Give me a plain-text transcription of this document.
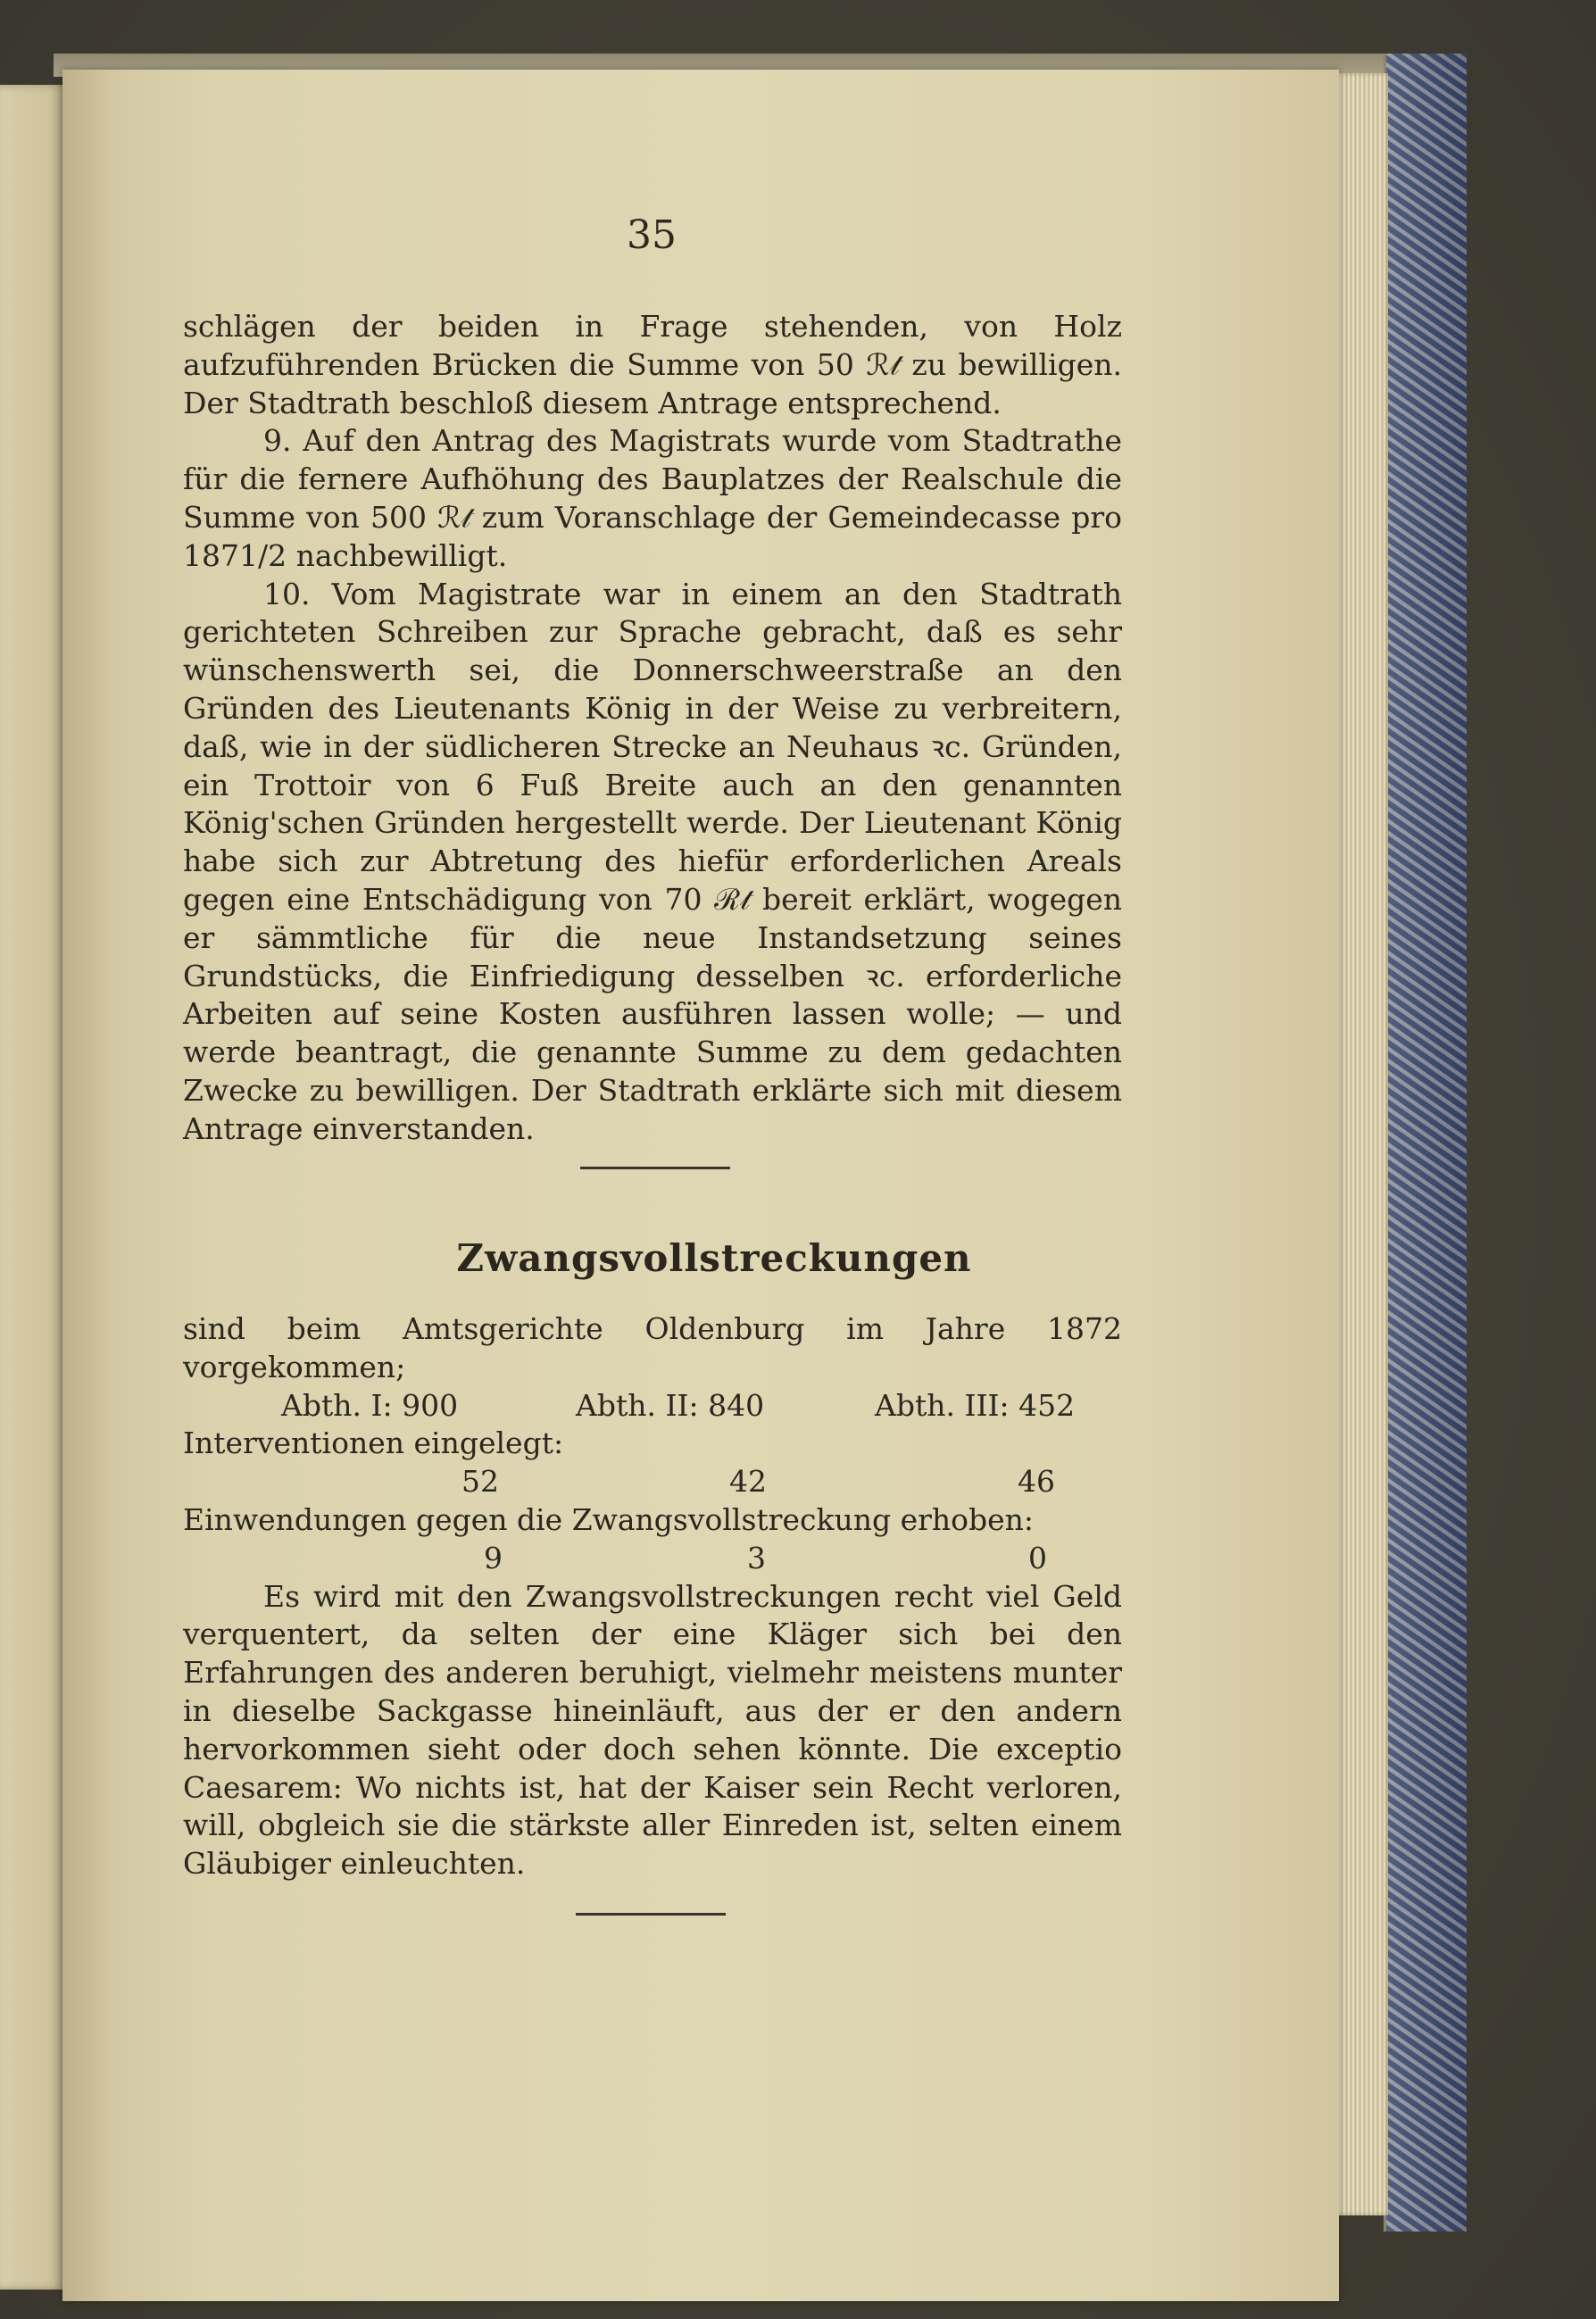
35

schlägen der beiden in Frage stehenden, von Holz aufzuführenden Brücken die Summe von 50 ℛ𝓉 zu bewilligen. Der Stadtrath beschloß diesem Antrage entsprechend.

9. Auf den Antrag des Magistrats wurde vom Stadtrathe für die fernere Aufhöhung des Bauplatzes der Realschule die Summe von 500 ℛ𝓉 zum Voranschlage der Gemeindecasse pro 1871/2 nachbewilligt.

10. Vom Magistrate war in einem an den Stadtrath gerichteten Schreiben zur Sprache gebracht, daß es sehr wünschenswerth sei, die Donnerschweerstraße an den Gründen des Lieutenants König in der Weise zu verbreitern, daß, wie in der südlicheren Strecke an Neuhaus ꝛc. Gründen, ein Trottoir von 6 Fuß Breite auch an den genannten König'schen Gründen hergestellt werde. Der Lieutenant König habe sich zur Abtretung des hiefür erforderlichen Areals gegen eine Entschädigung von 70 ℛ𝓉 bereit erklärt, wogegen er sämmtliche für die neue Instandsetzung seines Grundstücks, die Einfriedigung desselben ꝛc. erforderliche Arbeiten auf seine Kosten ausführen lassen wolle; — und werde beantragt, die genannte Summe zu dem gedachten Zwecke zu bewilligen. Der Stadtrath erklärte sich mit diesem Antrage einverstanden.

Zwangsvollstreckungen

sind beim Amtsgerichte Oldenburg im Jahre 1872 vorgekommen;

Abth. I: 900	Abth. II: 840	Abth. III: 452
Interventionen eingelegt:
52	42	46
Einwendungen gegen die Zwangsvollstreckung erhoben:
9	3	0

Es wird mit den Zwangsvollstreckungen recht viel Geld verquentert, da selten der eine Kläger sich bei den Erfahrungen des anderen beruhigt, vielmehr meistens munter in dieselbe Sackgasse hineinläuft, aus der er den andern hervorkommen sieht oder doch sehen könnte. Die exceptio Caesarem: Wo nichts ist, hat der Kaiser sein Recht verloren, will, obgleich sie die stärkste aller Einreden ist, selten einem Gläubiger einleuchten.
